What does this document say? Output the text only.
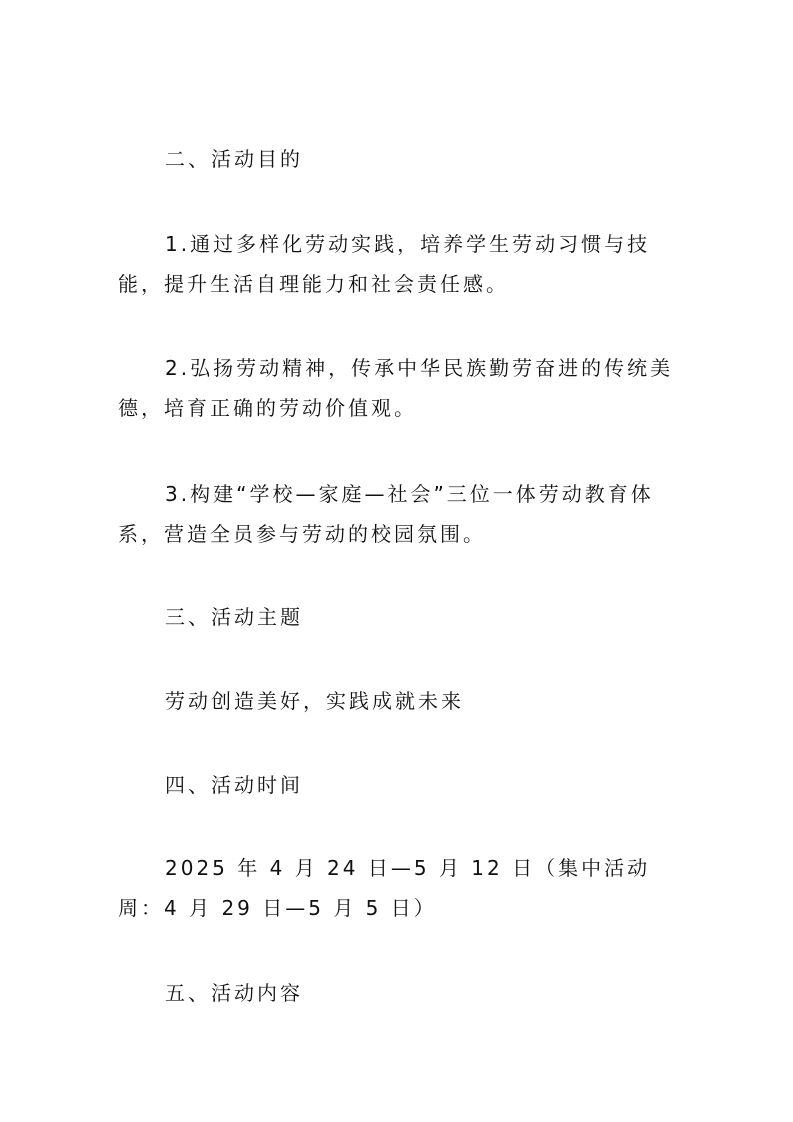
二、活动目的

1.通过多样化劳动实践，培养学生劳动习惯与技能，提升生活自理能力和社会责任感。

2.弘扬劳动精神，传承中华民族勤劳奋进的传统美德，培育正确的劳动价值观。

3.构建“学校—家庭—社会”三位一体劳动教育体系，营造全员参与劳动的校园氛围。

三、活动主题

劳动创造美好，实践成就未来

四、活动时间

2025 年 4 月 24 日—5 月 12 日（集中活动周：4 月 29 日—5 月 5 日）

五、活动内容
